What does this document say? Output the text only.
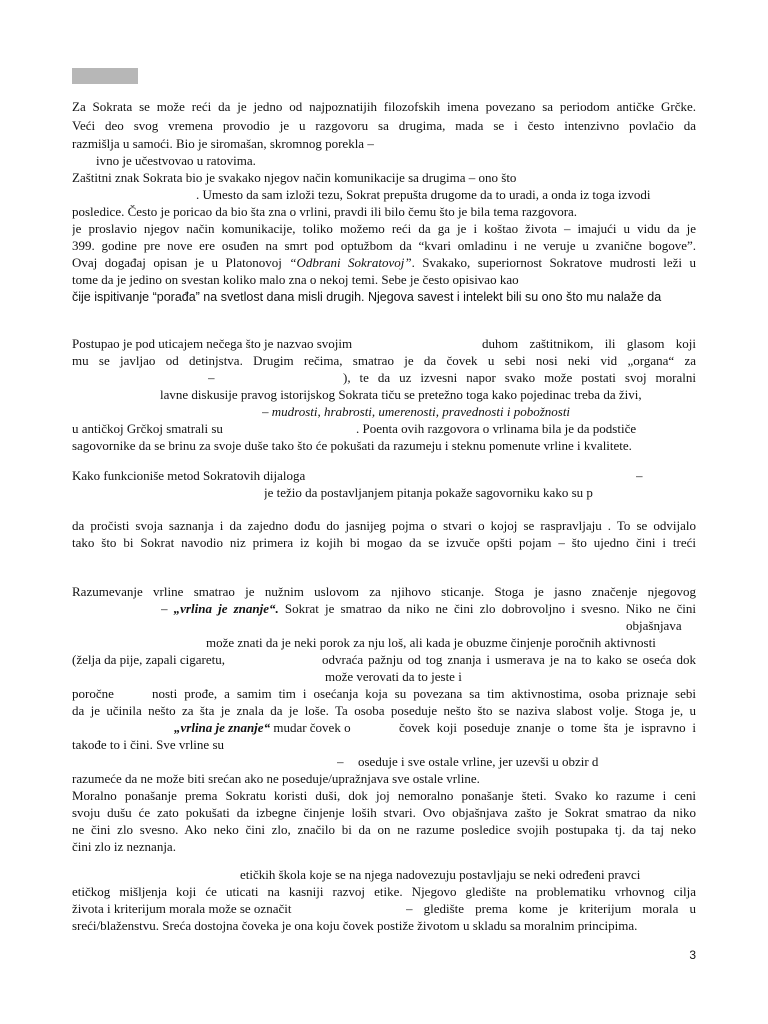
Za Sokrata se može reći da je jedno od najpoznatijih filozofskih imena povezano sa periodom antičke Grčke.
Veći deo svog vremena provodio je u razgovoru sa drugima, mada se i često intenzivno povlačio da
razmišlja u samoći. Bio je siromašan, skromnog porekla –
ivno je učestvovao u ratovima.
Zaštitni znak Sokrata bio je svakako njegov način komunikacije sa drugima – ono što
. Umesto da sam izloži tezu, Sokrat prepušta drugome da to uradi, a onda iz toga izvodi
posledice. Često je poricao da bio šta zna o vrlini, pravdi ili bilo čemu što je bila tema razgovora.
je proslavio njegov način komunikacije, toliko možemo reći da ga je i koštao života – imajući u vidu da je
399. godine pre nove ere osuđen na smrt pod optužbom da “kvari omladinu i ne veruje u zvanične bogove”.
Ovaj događaj opisan je u Platonovoj “Odbrani Sokratovoj”. Svakako, superiornost Sokratove mudrosti leži u
tome da je jedino on svestan koliko malo zna o nekoj temi. Sebe je često opisivao kao
čije ispitivanje “porađa” na svetlost dana misli drugih. Njegova savest i intelekt bili su ono što mu nalaže da
Postupao je pod uticajem nečega što je nazvao svojim	duhom zaštitnikom, ili glasom koji
mu se javljao od detinjstva. Drugim rečima, smatrao je da čovek u sebi nosi neki vid „organa“ za
–	), te da uz izvesni napor svako može postati svoj moralni
lavne diskusije pravog istorijskog Sokrata tiču se pretežno toga kako pojedinac treba da živi,
– mudrosti, hrabrosti, umerenosti, pravednosti i pobožnosti
u antičkoj Grčkoj smatrali su	. Poenta ovih razgovora o vrlinama bila je da podstiče
sagovornike da se brinu za svoje duše tako što će pokušati da razumeju i steknu pomenute vrline i kvalitete.
Kako funkcioniše metod Sokratovih dijaloga	–
je težio da postavljanjem pitanja pokaže sagovorniku kako su p
da pročisti svoja saznanja i da zajedno dođu do jasnijeg pojma o stvari o kojoj se raspravljaju . To se odvijalo
tako što bi Sokrat navodio niz primera iz kojih bi mogao da se izvuče opšti pojam – što ujedno čini i treći
Razumevanje vrline smatrao je nužnim uslovom za njihovo sticanje. Stoga je jasno značenje njegovog
– „vrlina je znanje“. Sokrat je smatrao da niko ne čini zlo dobrovoljno i svesno. Niko ne čini
objašnjava
može znati da je neki porok za nju loš, ali kada je obuzme činjenje poročnih aktivnosti
(želja da pije, zapali cigaretu,	odvraća pažnju od tog znanja i usmerava je na to kako se oseća dok
može verovati da to jeste i
poročne	nosti prođe, a samim tim i osećanja koja su povezana sa tim aktivnostima, osoba priznaje sebi
da je učinila nešto za šta je znala da je loše. Ta osoba poseduje nešto što se naziva slabost volje. Stoga je, u
„vrlina je znanje“ mudar čovek o	čovek koji poseduje znanje o tome šta je ispravno i
takođe to i čini. Sve vrline su
–	oseduje i sve ostale vrline, jer uzevši u obzir d
razumeće da ne može biti srećan ako ne poseduje/upražnjava sve ostale vrline.
Moralno ponašanje prema Sokratu koristi duši, dok joj nemoralno ponašanje šteti. Svako ko razume i ceni
svoju dušu će zato pokušati da izbegne činjenje loših stvari. Ovo objašnjava zašto je Sokrat smatrao da niko
ne čini zlo svesno. Ako neko čini zlo, značilo bi da on ne razume posledice svojih postupaka tj. da taj neko
čini zlo iz neznanja.
etičkih škola koje se na njega nadovezuju postavljaju se neki određeni pravci
etičkog mišljenja koji će uticati na kasniji razvoj etike. Njegovo gledište na problematiku vrhovnog cilja
života i kriterijum morala može se označit	– gledište prema kome je kriterijum morala u
sreći/blaženstvu. Sreća dostojna čoveka je ona koju čovek postiže životom u skladu sa moralnim principima.
3
